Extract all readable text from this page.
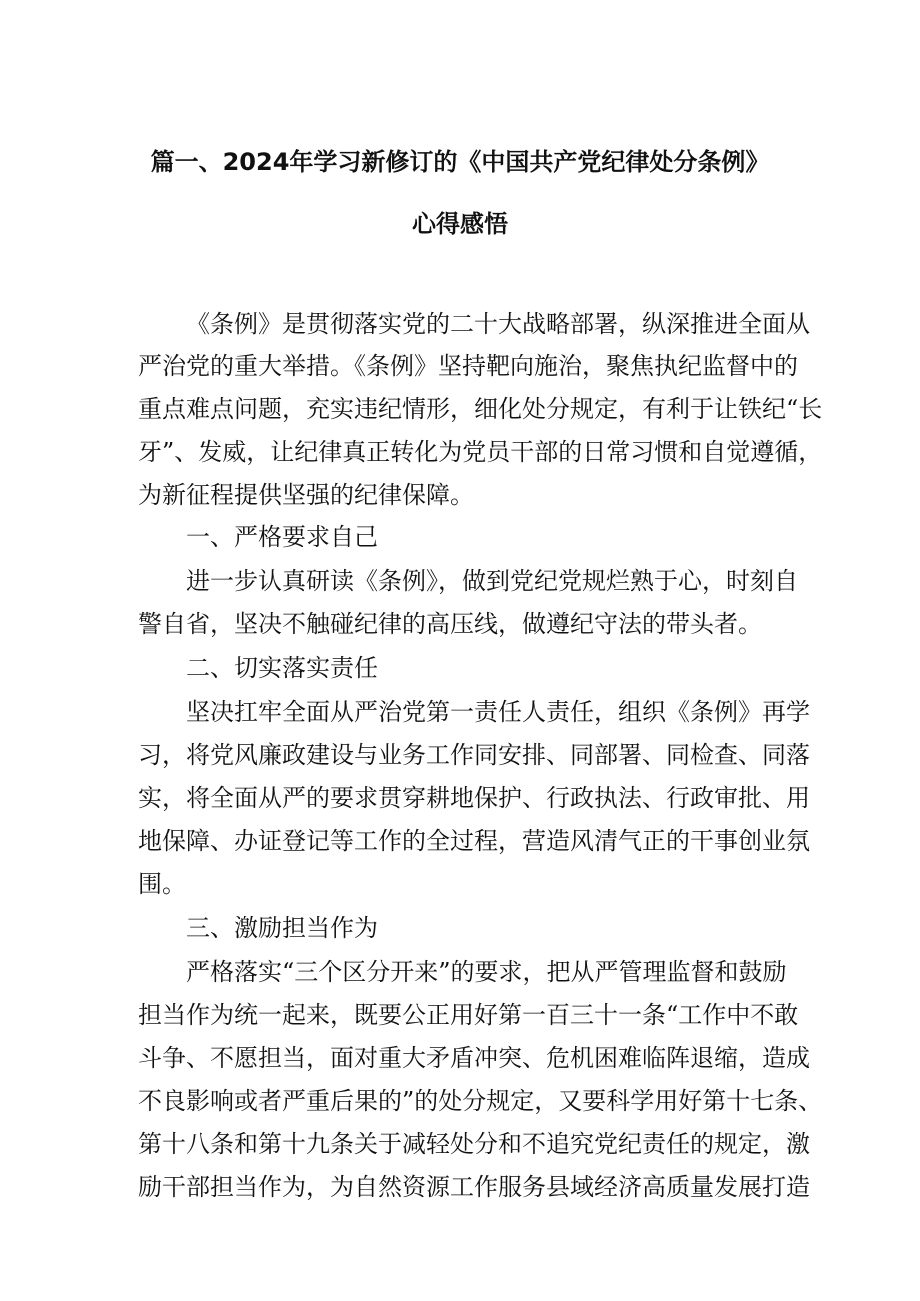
篇一、2024年学习新修订的《中国共产党纪律处分条例》
心得感悟
《条例》是贯彻落实党的二十大战略部署，纵深推进全面从
严治党的重大举措。《条例》坚持靶向施治，聚焦执纪监督中的
重点难点问题，充实违纪情形，细化处分规定，有利于让铁纪“长
牙”、发威，让纪律真正转化为党员干部的日常习惯和自觉遵循，
为新征程提供坚强的纪律保障。
一、严格要求自己
进一步认真研读《条例》，做到党纪党规烂熟于心，时刻自
警自省，坚决不触碰纪律的高压线，做遵纪守法的带头者。
二、切实落实责任
坚决扛牢全面从严治党第一责任人责任，组织《条例》再学
习，将党风廉政建设与业务工作同安排、同部署、同检查、同落
实，将全面从严的要求贯穿耕地保护、行政执法、行政审批、用
地保障、办证登记等工作的全过程，营造风清气正的干事创业氛
围。
三、激励担当作为
严格落实“三个区分开来”的要求，把从严管理监督和鼓励
担当作为统一起来，既要公正用好第一百三十一条“工作中不敢
斗争、不愿担当，面对重大矛盾冲突、危机困难临阵退缩，造成
不良影响或者严重后果的”的处分规定，又要科学用好第十七条、
第十八条和第十九条关于减轻处分和不追究党纪责任的规定，激
励干部担当作为，为自然资源工作服务县域经济高质量发展打造
